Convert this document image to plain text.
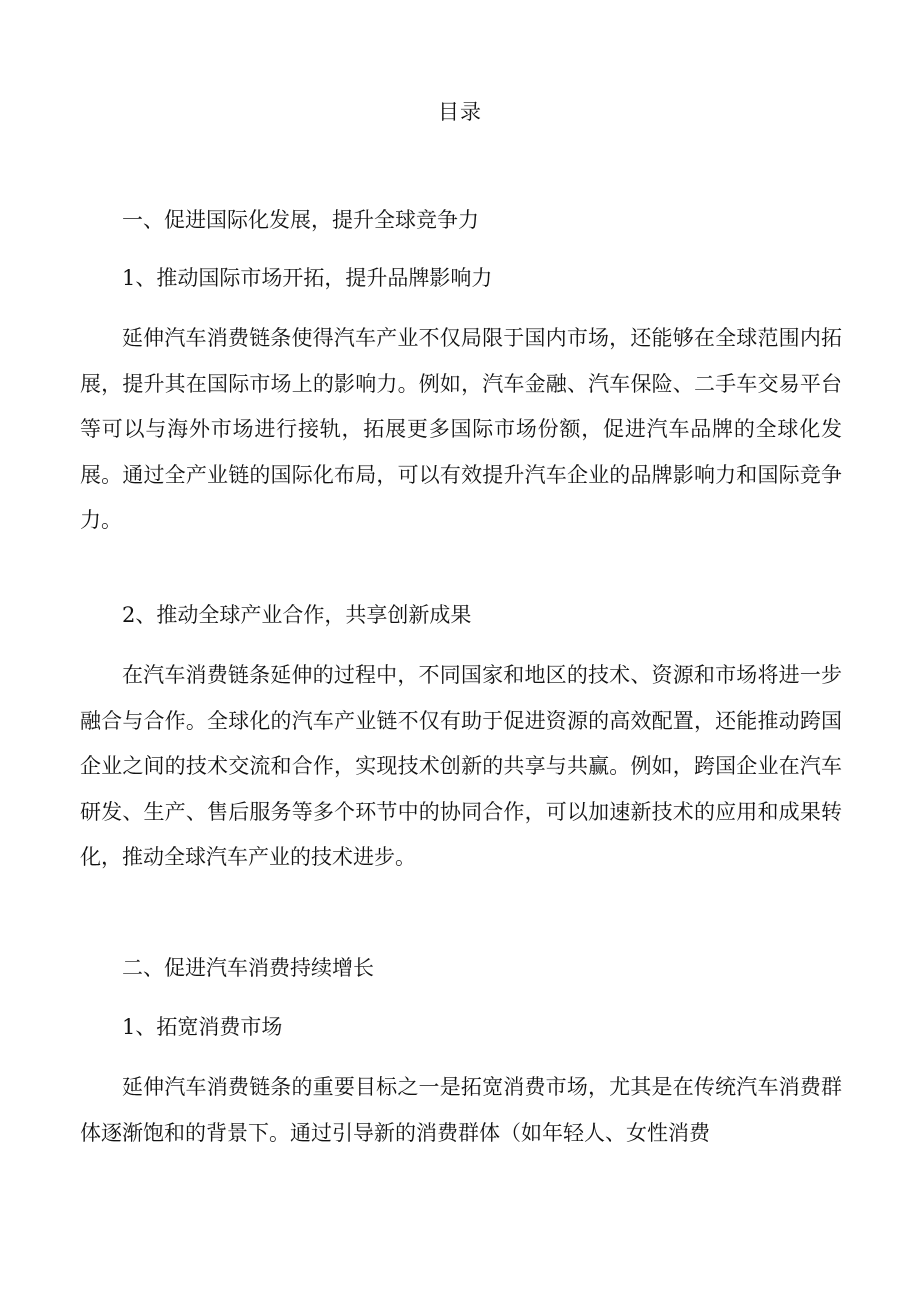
目录
一、促进国际化发展，提升全球竞争力
1、推动国际市场开拓，提升品牌影响力
延伸汽车消费链条使得汽车产业不仅局限于国内市场，还能够在全球范围内拓展，提升其在国际市场上的影响力。例如，汽车金融、汽车保险、二手车交易平台等可以与海外市场进行接轨，拓展更多国际市场份额，促进汽车品牌的全球化发展。通过全产业链的国际化布局，可以有效提升汽车企业的品牌影响力和国际竞争力。
2、推动全球产业合作，共享创新成果
在汽车消费链条延伸的过程中，不同国家和地区的技术、资源和市场将进一步融合与合作。全球化的汽车产业链不仅有助于促进资源的高效配置，还能推动跨国企业之间的技术交流和合作，实现技术创新的共享与共赢。例如，跨国企业在汽车研发、生产、售后服务等多个环节中的协同合作，可以加速新技术的应用和成果转化，推动全球汽车产业的技术进步。
二、促进汽车消费持续增长
1、拓宽消费市场
延伸汽车消费链条的重要目标之一是拓宽消费市场，尤其是在传统汽车消费群体逐渐饱和的背景下。通过引导新的消费群体（如年轻人、女性消费
